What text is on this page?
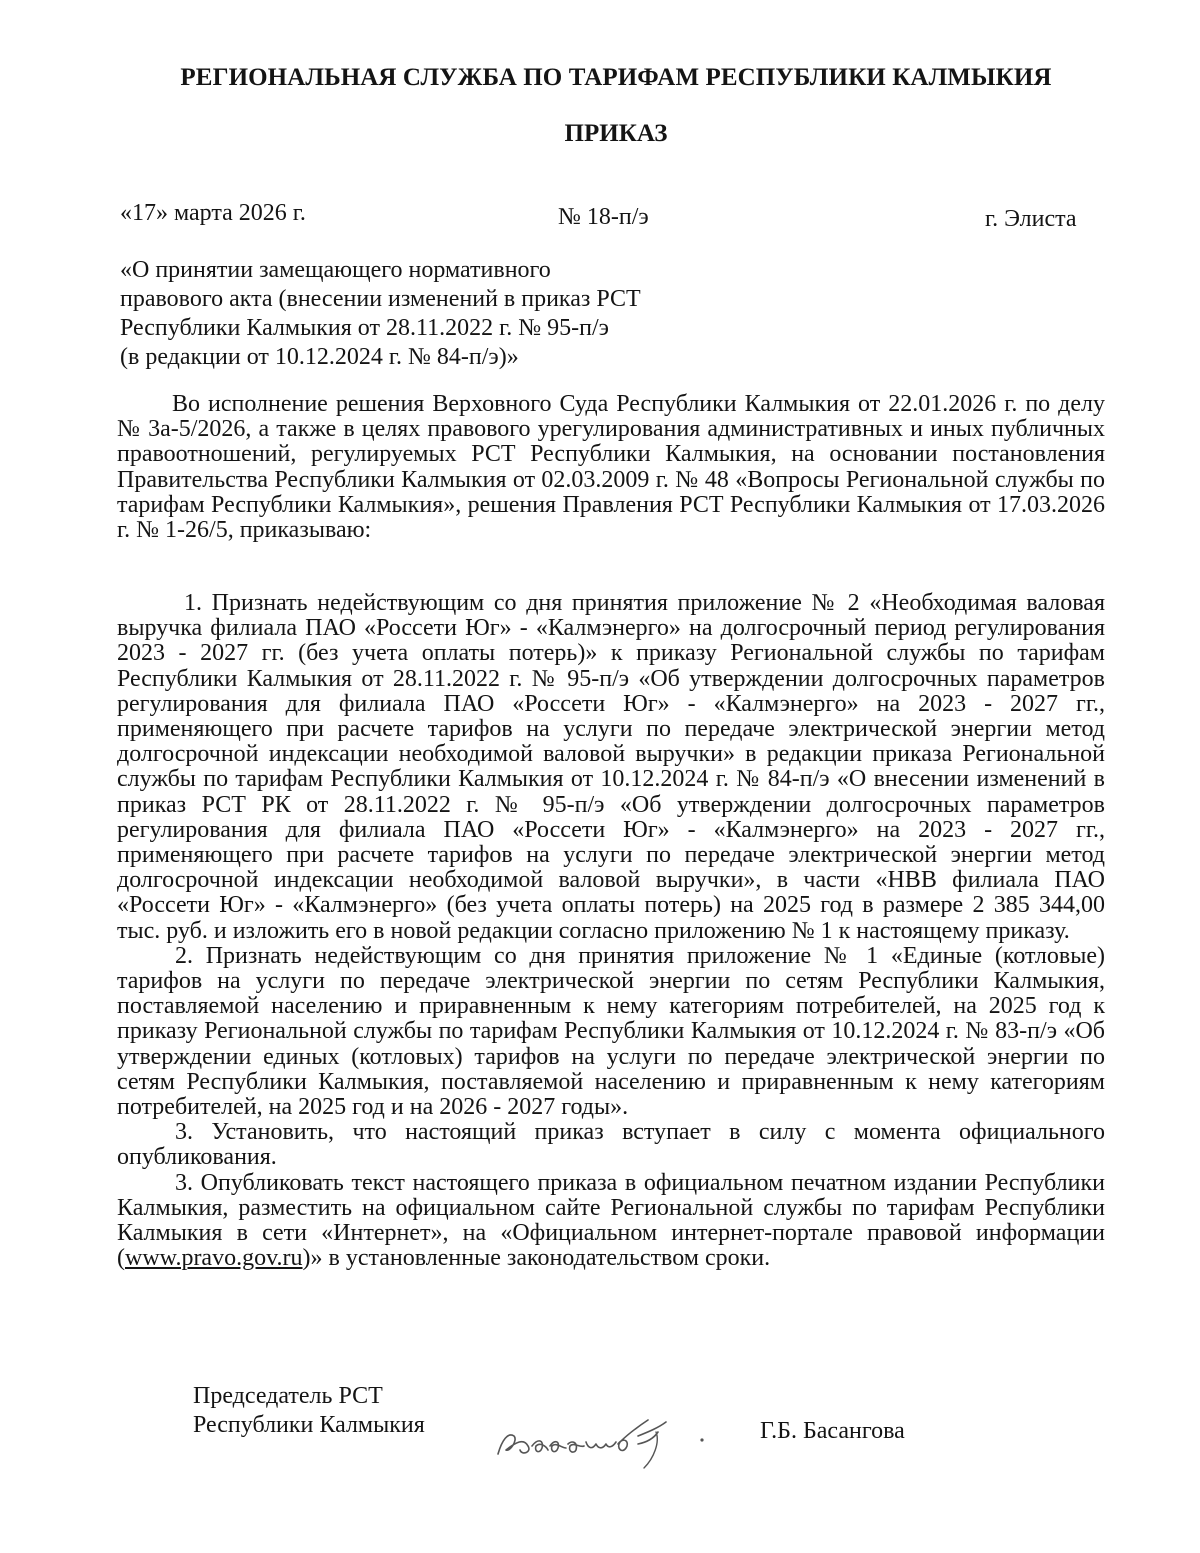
РЕГИОНАЛЬНАЯ СЛУЖБА ПО ТАРИФАМ РЕСПУБЛИКИ КАЛМЫКИЯ
ПРИКАЗ
«17» марта 2026 г.	№ 18-п/э	г. Элиста
«О принятии замещающего нормативного
правового акта (внесении изменений в приказ РСТ
Республики Калмыкия от 28.11.2022 г. № 95-п/э
(в редакции от 10.12.2024 г. № 84-п/э)»

Во исполнение решения Верховного Суда Республики Калмыкия от 22.01.2026 г. по делу № 3а-5/2026, а также в целях правового урегулирования административных и иных публичных правоотношений, регулируемых РСТ Республики Калмыкия, на основании постановления Правительства Республики Калмыкия от 02.03.2009 г. № 48 «Вопросы Региональной службы по тарифам Республики Калмыкия», решения Правления РСТ Республики Калмыкия от 17.03.2026 г. № 1-26/5, приказываю:

1. Признать недействующим со дня принятия приложение № 2 «Необходимая валовая выручка филиала ПАО «Россети Юг» - «Калмэнерго» на долгосрочный период регулирования 2023 - 2027 гг. (без учета оплаты потерь)» к приказу Региональной службы по тарифам Республики Калмыкия от 28.11.2022 г. № 95-п/э «Об утверждении долгосрочных параметров регулирования для филиала ПАО «Россети Юг» - «Калмэнерго» на 2023 - 2027 гг., применяющего при расчете тарифов на услуги по передаче электрической энергии метод долгосрочной индексации необходимой валовой выручки» в редакции приказа Региональной службы по тарифам Республики Калмыкия от 10.12.2024 г. № 84-п/э «О внесении изменений в приказ РСТ РК от 28.11.2022 г. № 95-п/э «Об утверждении долгосрочных параметров регулирования для филиала ПАО «Россети Юг» - «Калмэнерго» на 2023 - 2027 гг., применяющего при расчете тарифов на услуги по передаче электрической энергии метод долгосрочной индексации необходимой валовой выручки», в части «НВВ филиала ПАО «Россети Юг» - «Калмэнерго» (без учета оплаты потерь) на 2025 год в размере 2 385 344,00 тыс. руб. и изложить его в новой редакции согласно приложению № 1 к настоящему приказу.

2. Признать недействующим со дня принятия приложение № 1 «Единые (котловые) тарифов на услуги по передаче электрической энергии по сетям Республики Калмыкия, поставляемой населению и приравненным к нему категориям потребителей, на 2025 год к приказу Региональной службы по тарифам Республики Калмыкия от 10.12.2024 г. № 83-п/э «Об утверждении единых (котловых) тарифов на услуги по передаче электрической энергии по сетям Республики Калмыкия, поставляемой населению и приравненным к нему категориям потребителей, на 2025 год и на 2026 - 2027 годы».

3. Установить, что настоящий приказ вступает в силу с момента официального опубликования.

3. Опубликовать текст настоящего приказа в официальном печатном издании Республики Калмыкия, разместить на официальном сайте Региональной службы по тарифам Республики Калмыкия в сети «Интернет», на «Официальном интернет-портале правовой информации (www.pravo.gov.ru)» в установленные законодательством сроки.

Председатель РСТ
Республики Калмыкия	Г.Б. Басангова
